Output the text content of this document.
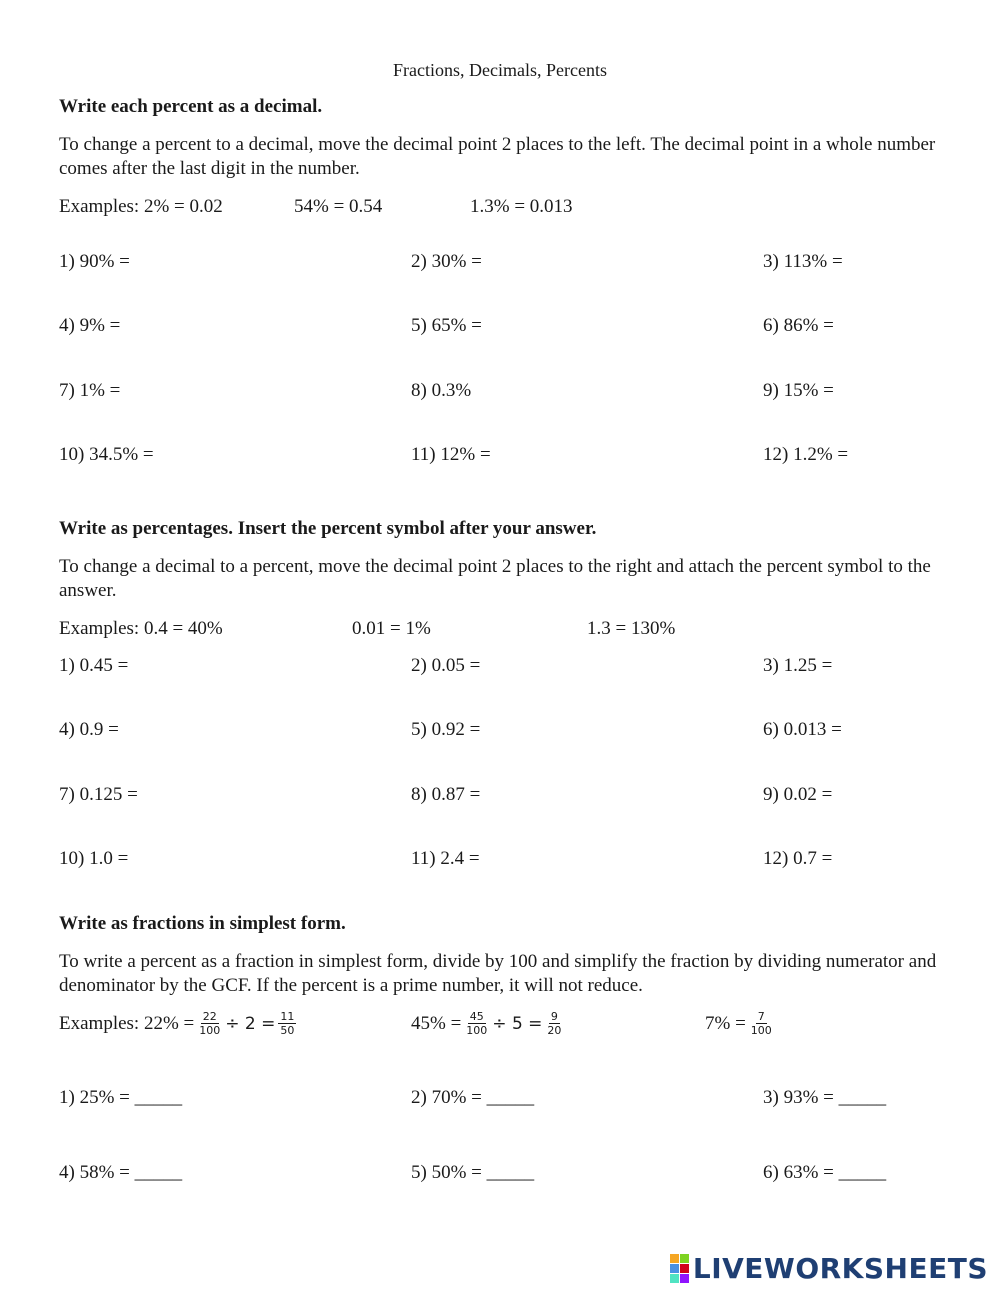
Fractions, Decimals, Percents
Write each percent as a decimal.
To change a percent to a decimal, move the decimal point 2 places to the left. The decimal point in a whole number comes after the last digit in the number.
Examples: 2% = 0.02	54% = 0.54	1.3% = 0.013
1) 90% =	2) 30% =	3) 113% =
4) 9% =	5) 65% =	6) 86% =
7) 1% =	8) 0.3%	9) 15% =
10) 34.5% =	11) 12% =	12) 1.2% =
Write as percentages. Insert the percent symbol after your answer.
To change a decimal to a percent, move the decimal point 2 places to the right and attach the percent symbol to the answer.
Examples: 0.4 = 40%	0.01 = 1%	1.3 = 130%
1) 0.45 =	2) 0.05 =	3) 1.25 =
4) 0.9 =	5) 0.92 =	6) 0.013 =
7) 0.125 =	8) 0.87 =	9) 0.02 =
10) 1.0 =	11) 2.4 =	12) 0.7 =
Write as fractions in simplest form.
To write a percent as a fraction in simplest form, divide by 100 and simplify the fraction by dividing numerator and denominator by the GCF. If the percent is a prime number, it will not reduce.
Examples: $22\% = \frac{22}{100} \div 2 = \frac{11}{50}$	$45\% = \frac{45}{100} \div 5 = \frac{9}{20}$	$7\% = \frac{7}{100}$
1) 25% = _____	2) 70% = _____	3) 93% = _____
4) 58% = _____	5) 50% = _____	6) 63% = _____
LIVEWORKSHEETS
